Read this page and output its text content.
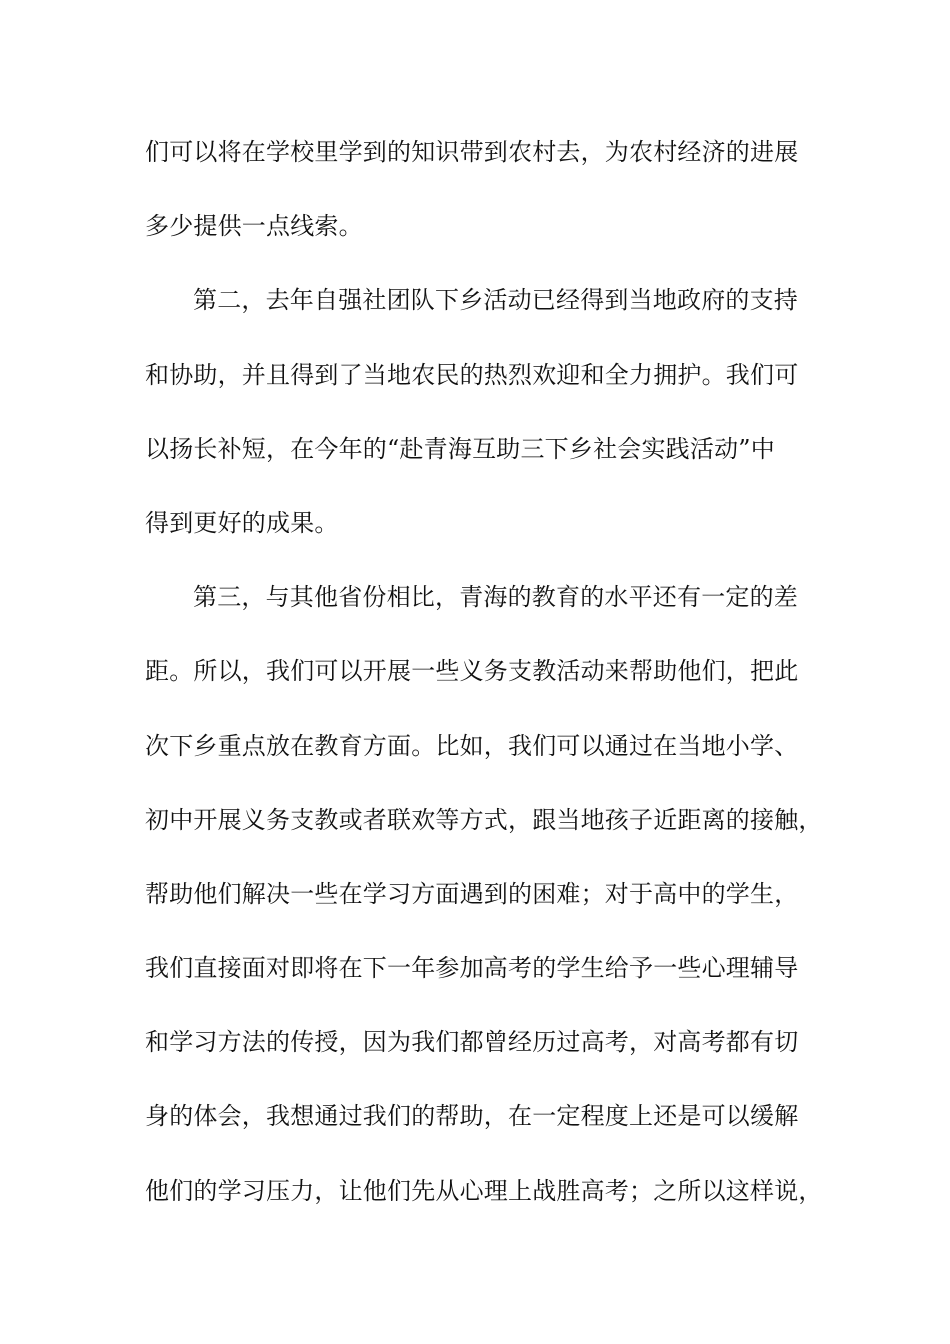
们可以将在学校里学到的知识带到农村去，为农村经济的进展
多少提供一点线索。
第二，去年自强社团队下乡活动已经得到当地政府的支持
和协助，并且得到了当地农民的热烈欢迎和全力拥护。我们可
以扬长补短，在今年的“赴青海互助三下乡社会实践活动”中
得到更好的成果。
第三，与其他省份相比，青海的教育的水平还有一定的差
距。所以，我们可以开展一些义务支教活动来帮助他们，把此
次下乡重点放在教育方面。比如，我们可以通过在当地小学、
初中开展义务支教或者联欢等方式，跟当地孩子近距离的接触，
帮助他们解决一些在学习方面遇到的困难；对于高中的学生，
我们直接面对即将在下一年参加高考的学生给予一些心理辅导
和学习方法的传授，因为我们都曾经历过高考，对高考都有切
身的体会，我想通过我们的帮助，在一定程度上还是可以缓解
他们的学习压力，让他们先从心理上战胜高考；之所以这样说，
